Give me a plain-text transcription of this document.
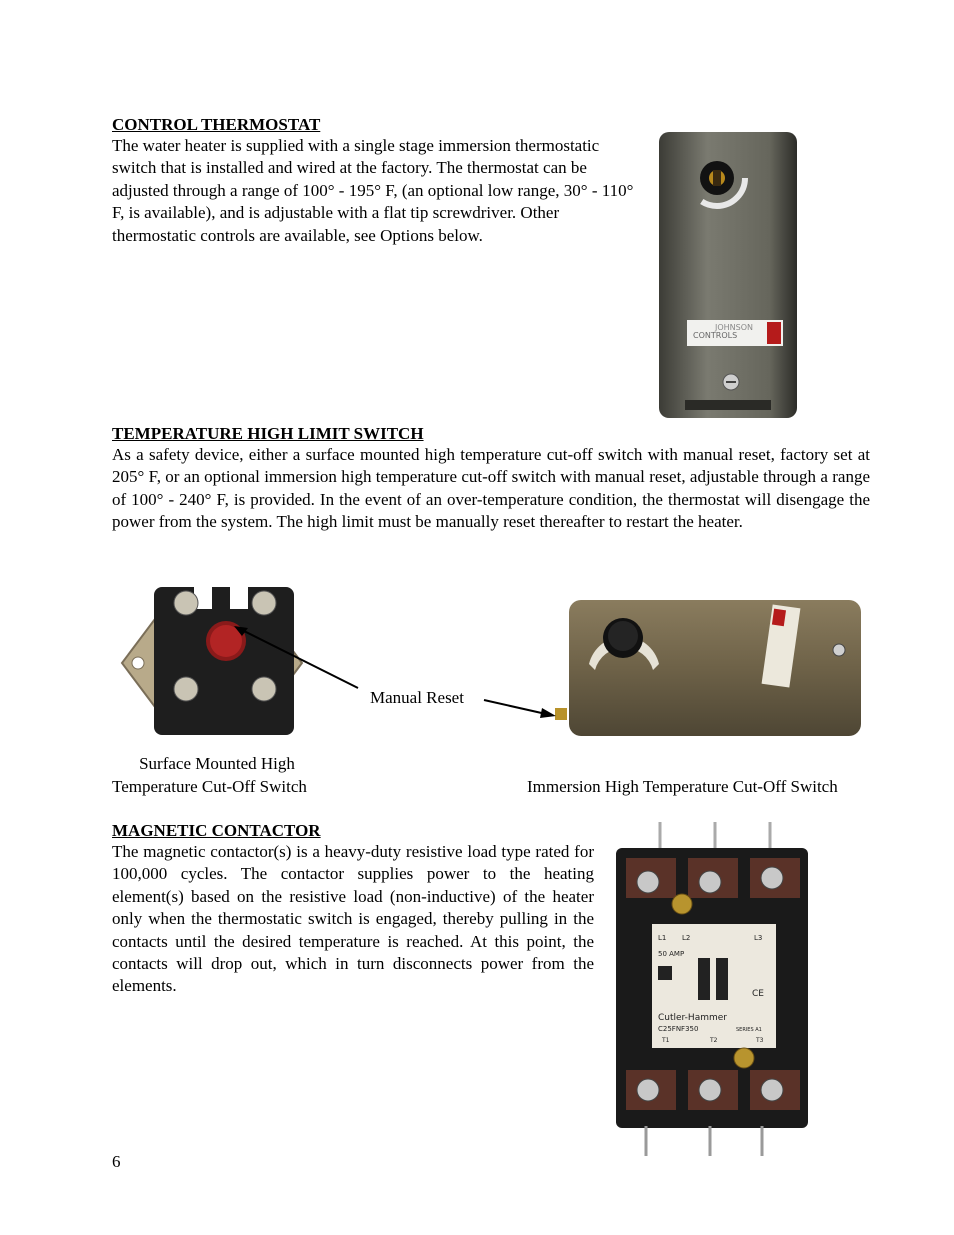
CONTROL THERMOSTAT
The water heater is supplied with a single stage immersion thermostatic switch that is installed and wired at the factory. The thermostat can be adjusted through a range of 100° - 195° F, (an optional low range, 30° - 110° F, is available), and is adjustable with a flat tip screwdriver. Other thermostatic controls are available, see Options below.
JOHNSON
CONTROLS
TEMPERATURE HIGH LIMIT SWITCH
As a safety device, either a surface mounted high temperature cut-off switch with manual reset, factory set at 205° F, or an optional immersion high temperature cut-off switch with manual reset, adjustable through a range of 100° - 240° F, is provided. In the event of an over-temperature condition, the thermostat will disengage the power from the system. The high limit must be manually reset thereafter to restart the heater.
Manual Reset
Surface Mounted High
Temperature Cut-Off Switch	Immersion High Temperature Cut-Off Switch
MAGNETIC CONTACTOR
The magnetic contactor(s) is a heavy-duty resistive load type rated for 100,000 cycles. The contactor supplies power to the heating element(s) based on the resistive load (non-inductive) of the heater only when the thermostatic switch is engaged, thereby pulling in the contacts until the desired temperature is reached. At this point, the contacts will drop out, which in turn disconnects power from the elements.
L1 L2	L3
50 AMP
CE
Cutler-Hammer
C25FNF350	SERIES A1
T1	T2	T3
6
